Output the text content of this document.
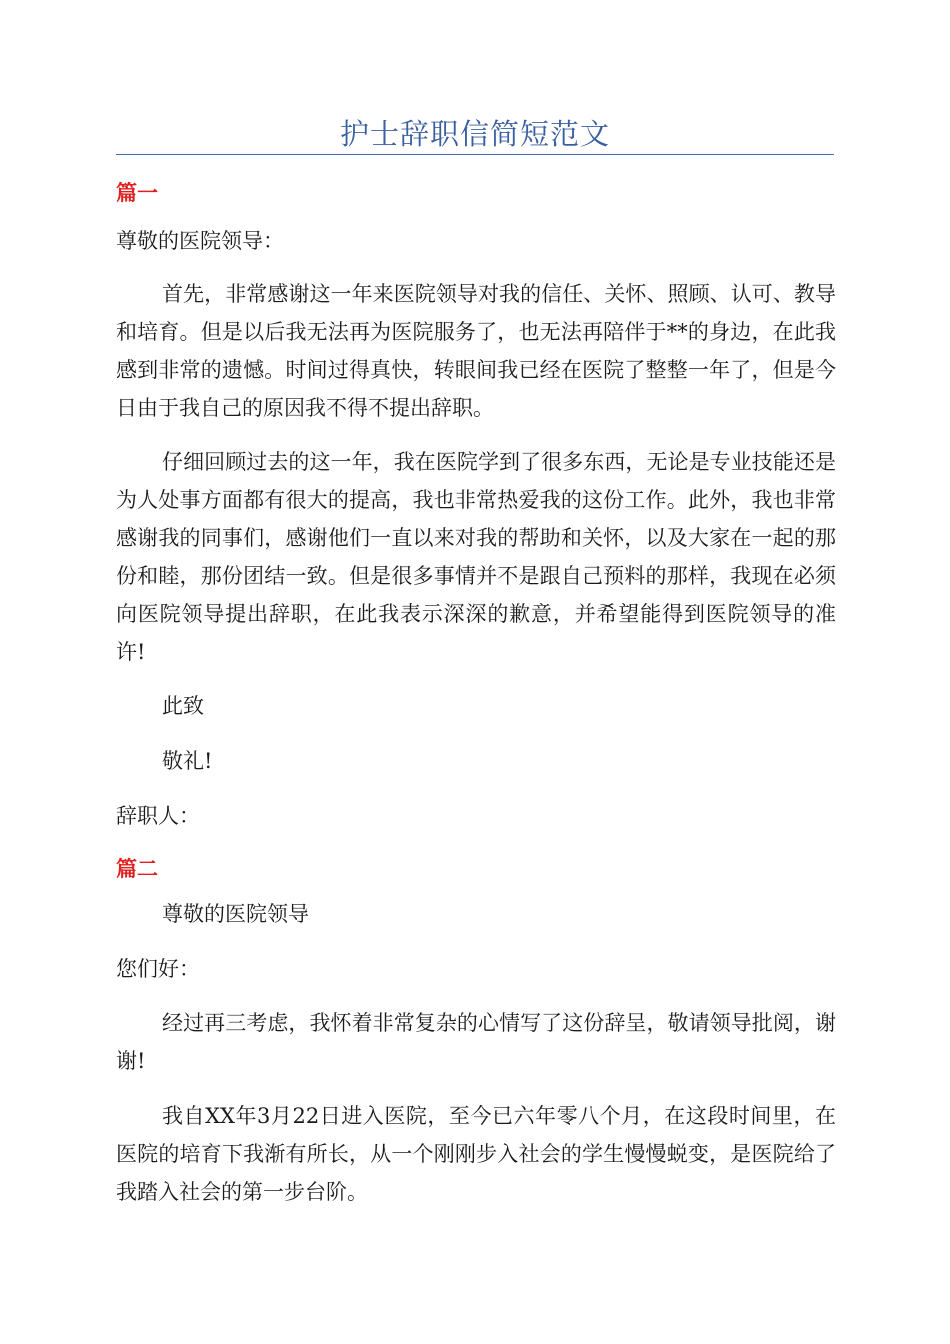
护士辞职信简短范文
篇一
尊敬的医院领导：
首先，非常感谢这一年来医院领导对我的信任、关怀、照顾、认可、教导和培育。但是以后我无法再为医院服务了，也无法再陪伴于**的身边，在此我感到非常的遗憾。时间过得真快，转眼间我已经在医院了整整一年了，但是今日由于我自己的原因我不得不提出辞职。
仔细回顾过去的这一年，我在医院学到了很多东西，无论是专业技能还是为人处事方面都有很大的提高，我也非常热爱我的这份工作。此外，我也非常感谢我的同事们，感谢他们一直以来对我的帮助和关怀，以及大家在一起的那份和睦，那份团结一致。但是很多事情并不是跟自己预料的那样，我现在必须向医院领导提出辞职，在此我表示深深的歉意，并希望能得到医院领导的准许!
此致
敬礼!
辞职人：
篇二
尊敬的医院领导
您们好：
经过再三考虑，我怀着非常复杂的心情写了这份辞呈，敬请领导批阅，谢谢!
我自XX年3月22日进入医院，至今已六年零八个月，在这段时间里，在医院的培育下我渐有所长，从一个刚刚步入社会的学生慢慢蜕变，是医院给了我踏入社会的第一步台阶。
